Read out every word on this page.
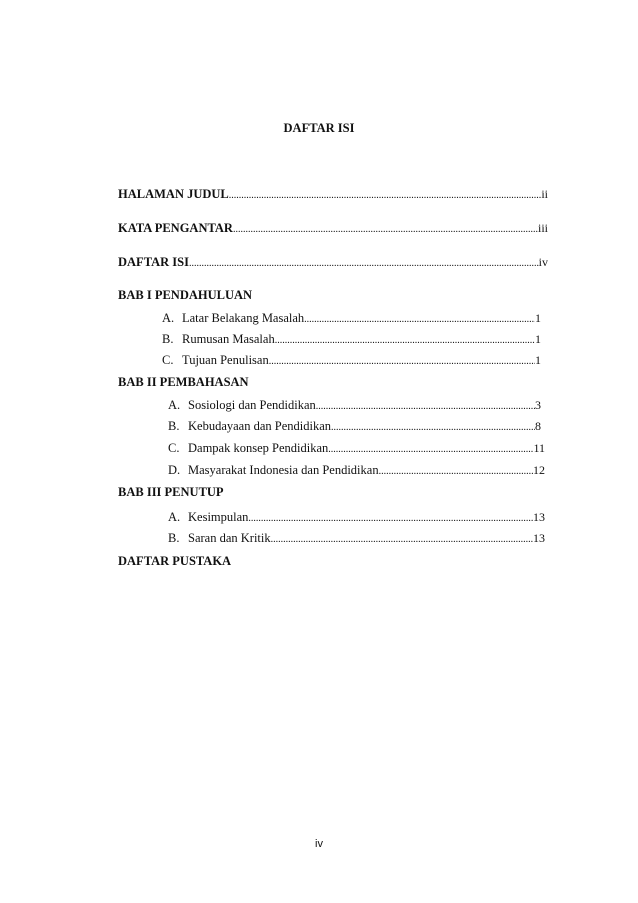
DAFTAR ISI
HALAMAN JUDUL .....	ii
KATA PENGANTAR .....	iii
DAFTAR ISI .....	iv
BAB I PENDAHULUAN
A. Latar Belakang Masalah .....	1
B. Rumusan Masalah .....	1
C. Tujuan Penulisan .....	1
BAB II PEMBAHASAN
A. Sosiologi dan Pendidikan .....	3
B. Kebudayaan dan Pendidikan .....	8
C. Dampak konsep Pendidikan .....	11
D. Masyarakat Indonesia dan Pendidikan .....	12
BAB III PENUTUP
A. Kesimpulan .....	13
B. Saran dan Kritik .....	13
DAFTAR PUSTAKA
iv
